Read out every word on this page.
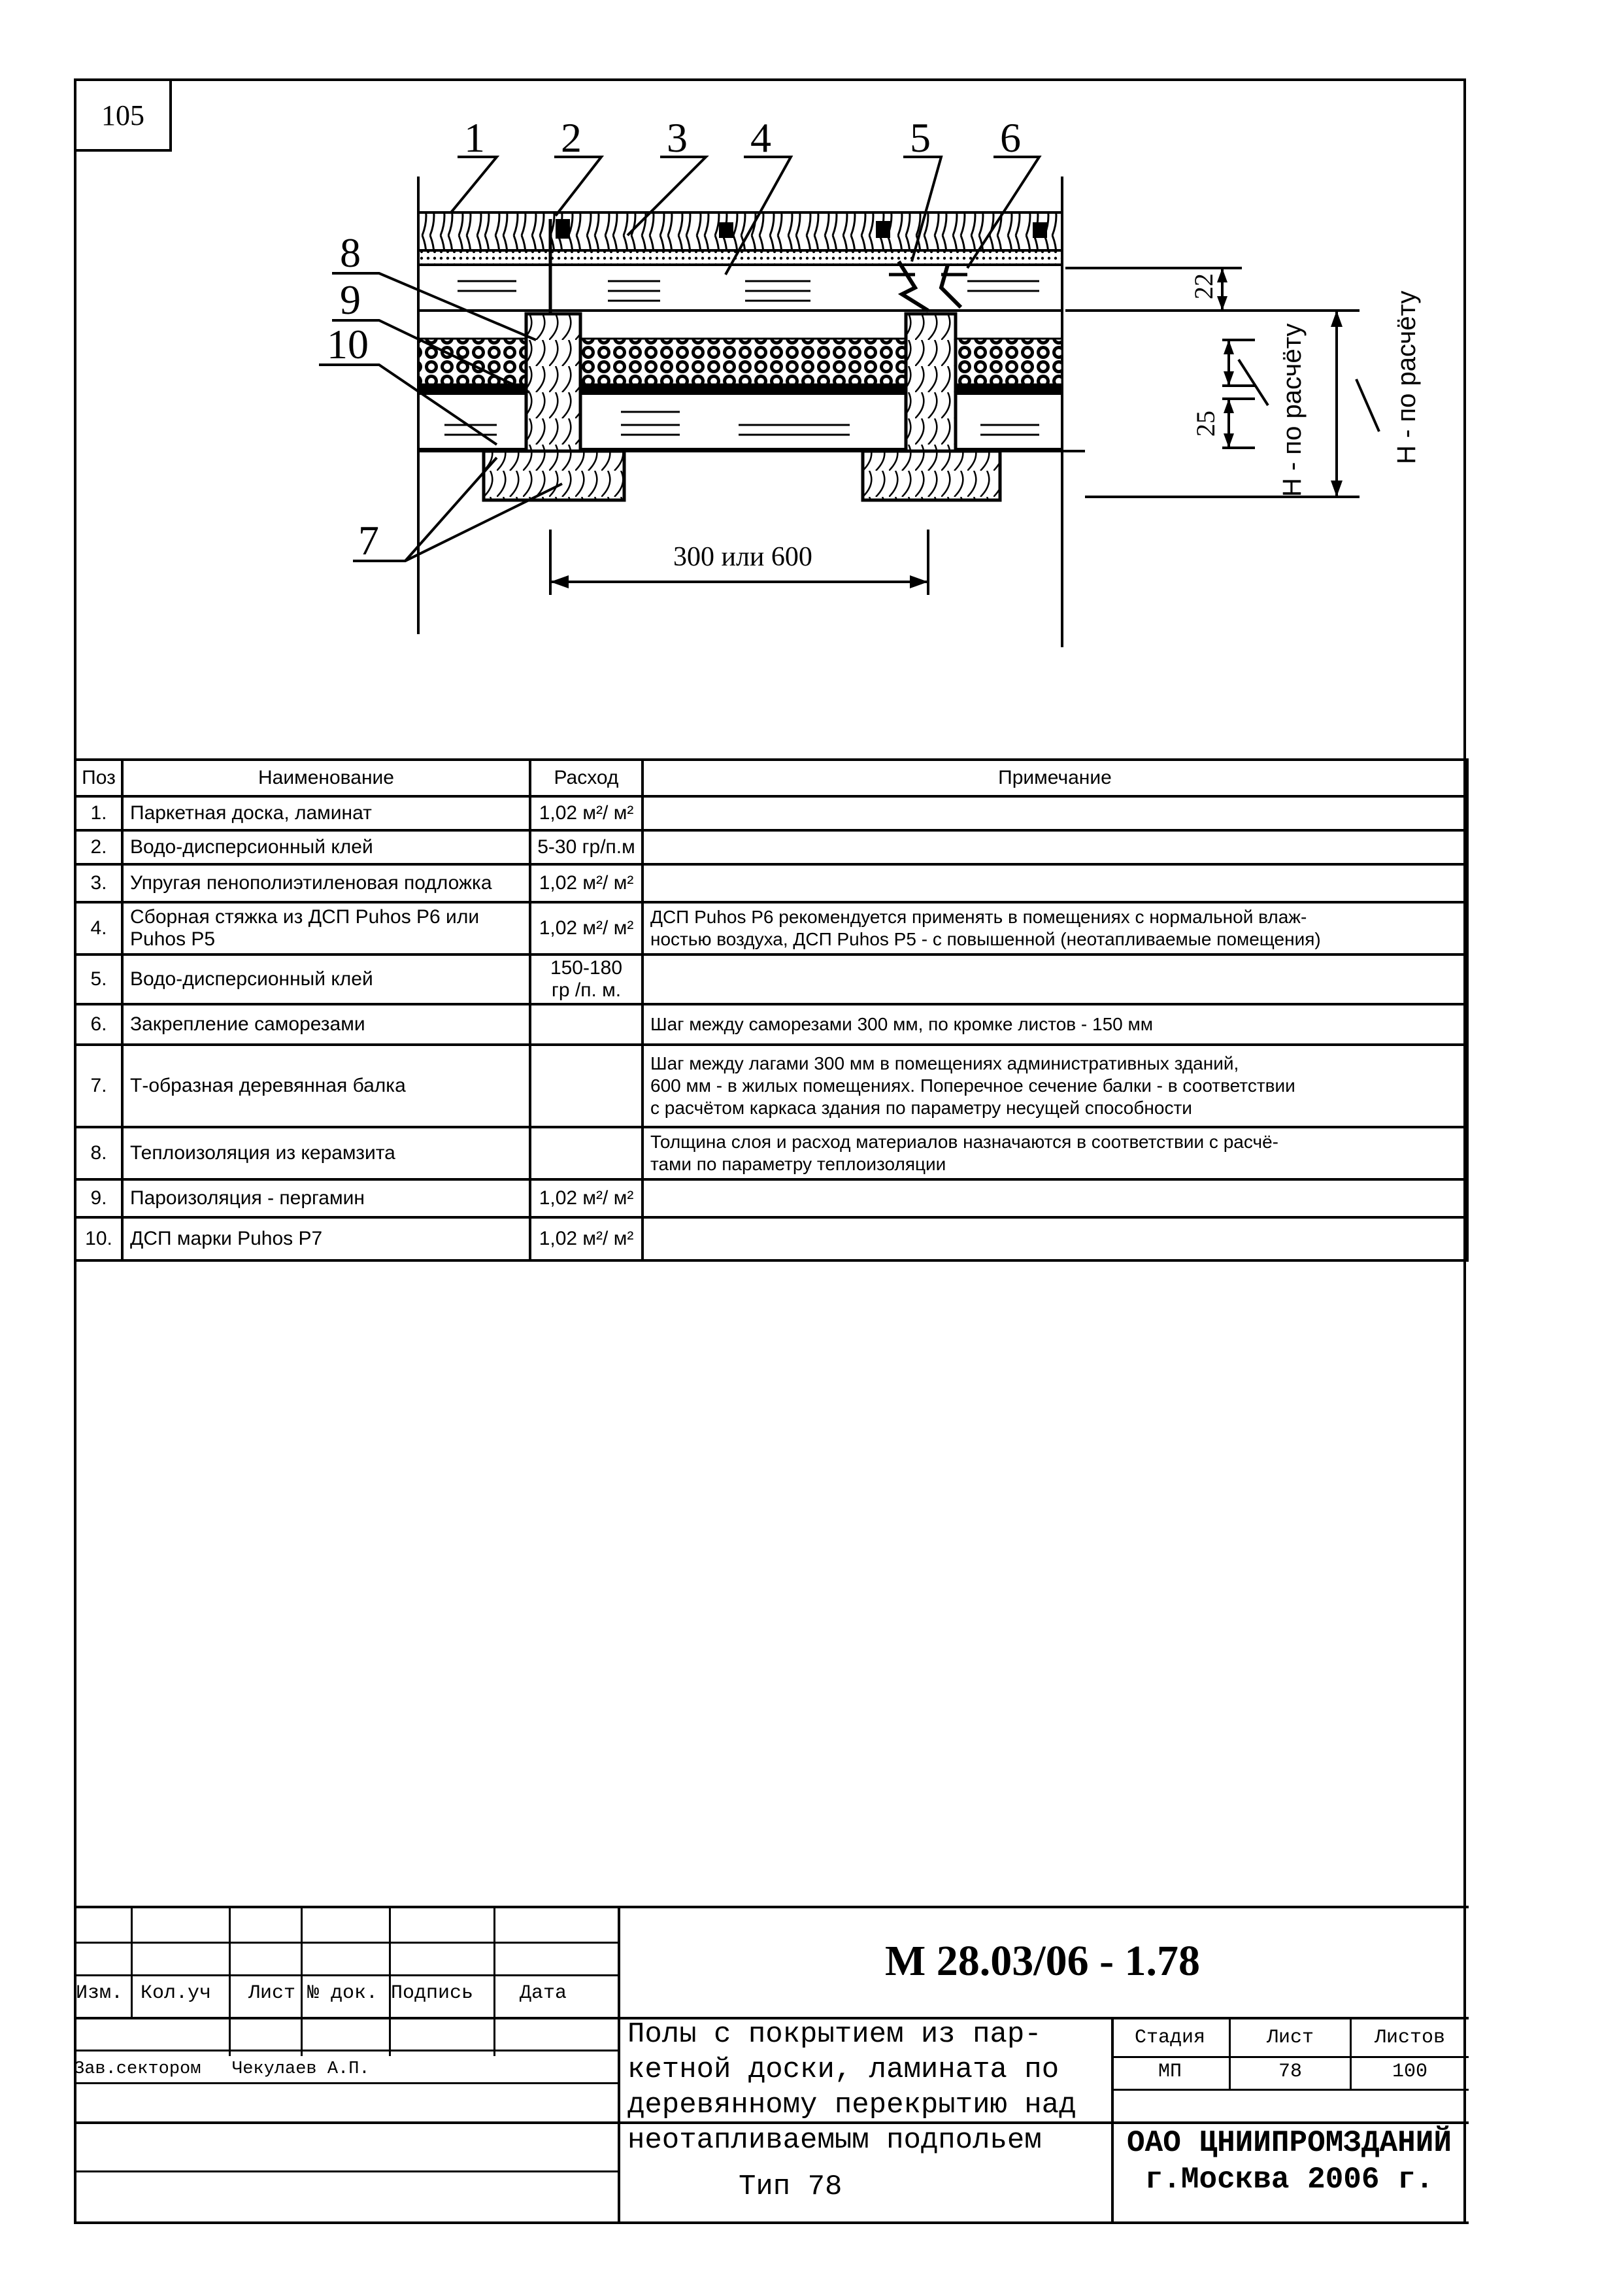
105	1 2 3 4	5 6
7
8
9
10
300 или 600
22
25 Н - по расчёту	Н - по расчёту
Поз	Наименование	Расход	Примечание

1.	Паркетная доска, ламинат	1,02 м²/ м²	

2.	Водо-дисперсионный клей	5-30 гр/п.м	

3.	Упругая пенополиэтиленовая подложка	1,02 м²/ м²	

4.	Сборная стяжка из ДСП Puhos P6 или
Puhos P5	1,02 м²/ м²	ДСП Puhos P6 рекомендуется применять в помещениях с нормальной влаж-
ностью воздуха, ДСП Puhos P5 - с повышенной (неотапливаемые помещения)

5.	Водо-дисперсионный клей	150-180
гр /п. м.	

6.	Закрепление саморезами		Шаг между саморезами 300 мм, по кромке листов - 150 мм

7.	Т-образная деревянная балка		Шаг между лагами 300 мм в помещениях административных зданий,
600 мм - в жилых помещениях. Поперечное сечение балки - в соответствии
с расчётом каркаса здания по параметру несущей способности

8.	Теплоизоляция из керамзита		Толщина слоя и расход материалов назначаются в соответствии с расчё-
тами по параметру теплоизоляции

9.	Пароизоляция - пергамин	1,02 м²/ м²	

10.	ДСП марки Puhos P7	1,02 м²/ м²	

Изм. Кол.уч Лист № док. Подпись Дата
Зав.сектором Чекулаев А.П.
М 28.03/06 - 1.78
Полы с покрытием из пар-
кетной доски, ламината по
деревянному перекрытию над
неотапливаемым подпольем
Тип 78
Стадия	Лист	Листов
МП	78	100
ОАО ЦНИИПРОМЗДАНИЙ
г.Москва 2006 г.
